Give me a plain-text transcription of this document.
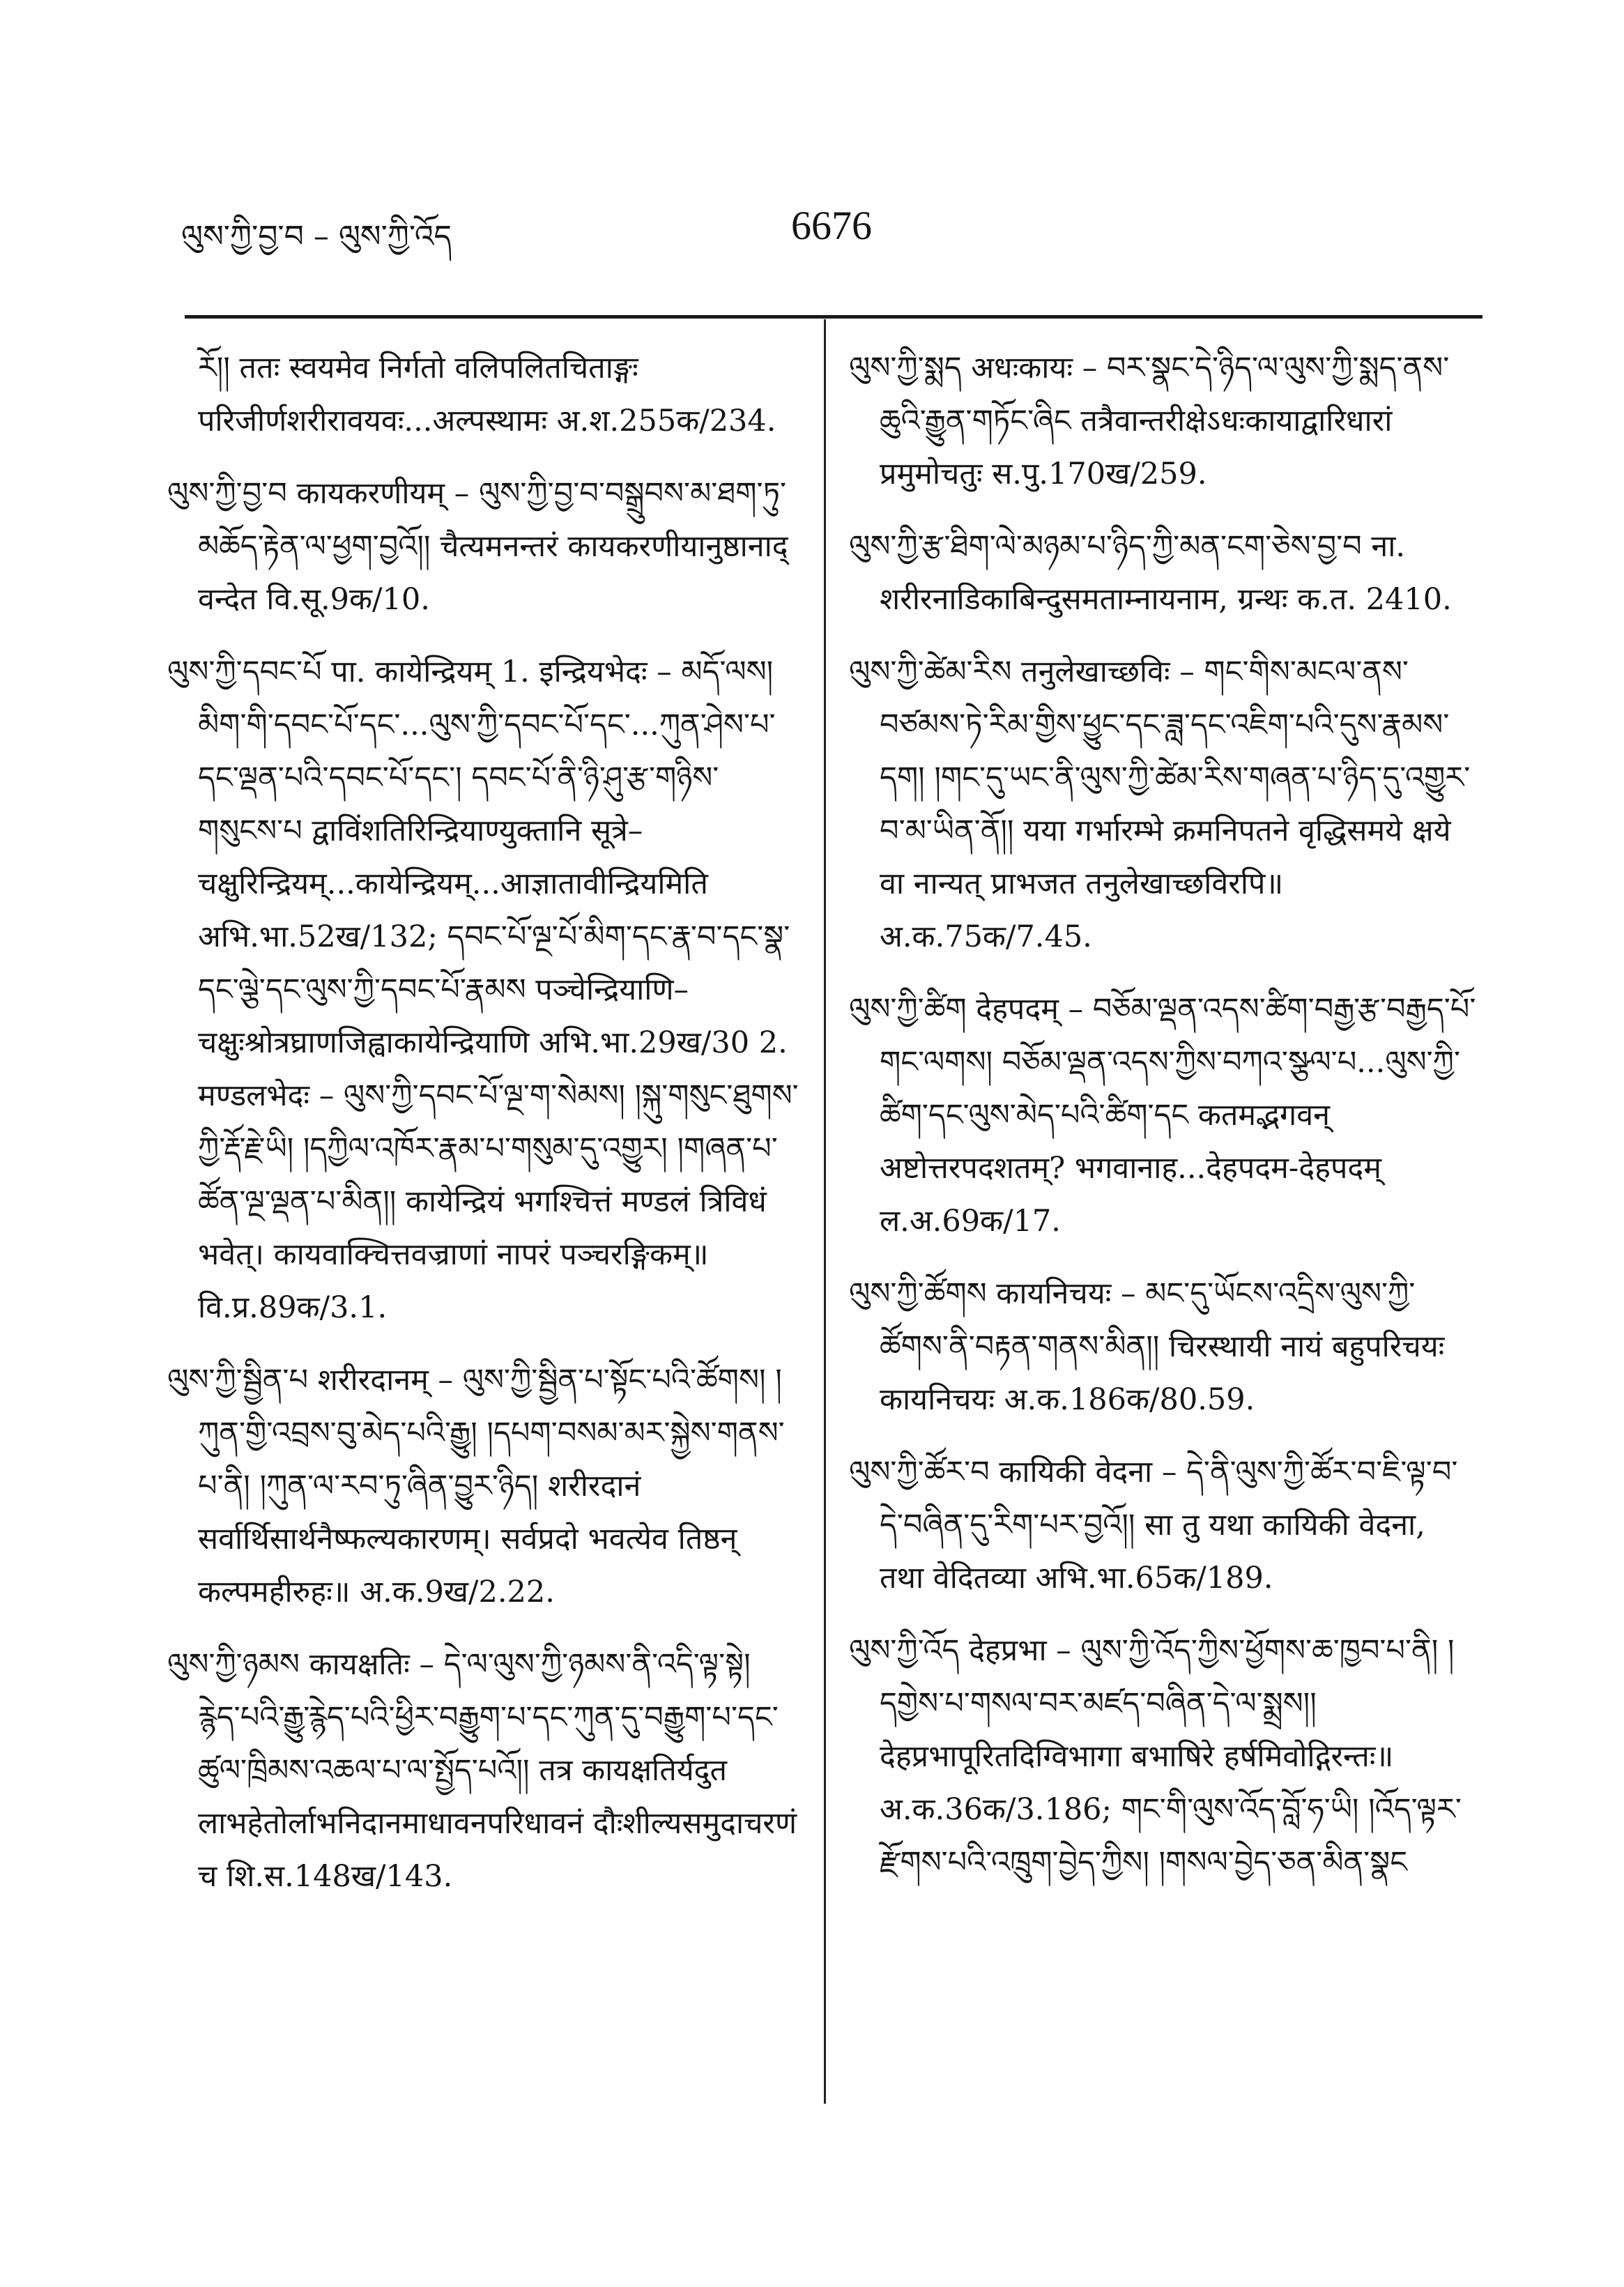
ལུས་ཀྱི་བྱ་བ – ལུས་ཀྱི་འོད	6676

རོ།། ततः स्वयमेव निर्गतो वलिपलितचिताङ्गः परिजीर्णशरीरावयवः...अल्पस्थामः अ.श.255क/234.

ལུས་ཀྱི་བྱ་བ कायकरणीयम् – ལུས་ཀྱི་བྱ་བ་བསྒྲུབས་མ་ཐག་ཏུ་མཆོད་རྟེན་ལ་ཕྱག་བྱའོ།། चैत्यमनन्तरं कायकरणीयानुष्ठानाद् वन्देत वि.सू.9क/10.

ལུས་ཀྱི་དབང་པོ पा. कायेन्द्रियम् 1. इन्द्रियभेदः – མདོ་ལས། མིག་གི་དབང་པོ་དང་...ལུས་ཀྱི་དབང་པོ་དང་...ཀུན་ཤེས་པ་དང་ལྡན་པའི་དབང་པོ་དང་། དབང་པོ་ནི་ཉི་ཤུ་རྩ་གཉིས་གསུངས་པ द्वाविंशतिरिन्द्रियाण्युक्तानि सूत्रे–चक्षुरिन्द्रियम्...कायेन्द्रियम्...आज्ञातावीन्द्रियमिति अभि.भा.52ख/132; དབང་པོ་ལྔ་པོ་མིག་དང་རྣ་བ་དང་སྣ་དང་ལྕེ་དང་ལུས་ཀྱི་དབང་པོ་རྣམས पञ्चेन्द्रियाणि–चक्षुःश्रोत्रघ्राणजिह्वाकायेन्द्रियाणि अभि.भा.29ख/30 2. मण्डलभेदः – ལུས་ཀྱི་དབང་པོ་ལྔ་ག་སེམས། །སྐུ་གསུང་ཐུགས་ཀྱི་རྡོ་རྗེ་ཡི། །དཀྱིལ་འཁོར་རྣམ་པ་གསུམ་དུ་འགྱུར། །གཞན་པ་ཚོན་ལྔ་ལྡན་པ་མིན།། कायेन्द्रियं भगश्चित्तं मण्डलं त्रिविधं भवेत्। कायवाक्चित्तवज्राणां नापरं पञ्चरङ्गिकम्॥ वि.प्र.89क/3.1.

ལུས་ཀྱི་སྦྱིན་པ शरीरदानम् – ལུས་ཀྱི་སྦྱིན་པ་སྟོང་པའི་ཚོགས། །ཀུན་གྱི་འབྲས་བུ་མེད་པའི་རྒྱུ། །དཔག་བསམ་མར་སྐྱེས་གནས་པ་ནི། །ཀུན་ལ་རབ་ཏུ་ཞིན་བྱུར་ཉིད། शरीरदानं सर्वार्थिसार्थनैष्फल्यकारणम्। सर्वप्रदो भवत्येव तिष्ठन् कल्पमहीरुहः॥ अ.क.9ख/2.22.

ལུས་ཀྱི་ཉམས कायक्षतिः – དེ་ལ་ལུས་ཀྱི་ཉམས་ནི་འདི་ལྟ་སྟེ། རྙེད་པའི་རྒྱུ་རྙེད་པའི་ཕྱིར་བརྒྱུག་པ་དང་ཀུན་དུ་བརྒྱུག་པ་དང་ཚུལ་ཁྲིམས་འཆལ་པ་ལ་སྤྱོད་པའོ།། तत्र कायक्षतिर्यदुत लाभहेतोर्लाभनिदानमाधावनपरिधावनं दौःशील्यसमुदाचरणं च शि.स.148ख/143.

ལུས་ཀྱི་སྨད अधःकायः – བར་སྣང་དེ་ཉིད་ལ་ལུས་ཀྱི་སྨད་ནས་ཆུའི་རྒྱུན་གཏོང་ཞིང तत्रैवान्तरीक्षेऽधःकायाद्वारिधारां प्रमुमोचतुः स.पु.170ख/259.

ལུས་ཀྱི་རྩ་ཐིག་ལེ་མཉམ་པ་ཉིད་ཀྱི་མན་ངག་ཅེས་བྱ་བ ना. शरीरनाडिकाबिन्दुसमताम्नायनाम, ग्रन्थः क.त. 2410.

ལུས་ཀྱི་ཚེམ་རིས तनुलेखाच्छविः – གང་གིས་མངལ་ནས་བཙམས་ཏེ་རིམ་གྱིས་ཕྱུང་དང་ཟླ་དང་འཇིག་པའི་དུས་རྣམས་དག། །གང་དུ་ཡང་ནི་ལུས་ཀྱི་ཚེམ་རིས་གཞན་པ་ཉིད་དུ་འགྱུར་བ་མ་ཡིན་ནོ།། यया गर्भारम्भे क्रमनिपतने वृद्धिसमये क्षये वा नान्यत् प्राभजत तनुलेखाच्छविरपि॥ अ.क.75क/7.45.

ལུས་ཀྱི་ཚིག देहपदम् – བཅོམ་ལྡན་འདས་ཚིག་བརྒྱ་རྩ་བརྒྱད་པོ་གང་ལགས། བཅོམ་ལྡན་འདས་ཀྱིས་བཀའ་སྩལ་པ...ལུས་ཀྱི་ཚིག་དང་ལུས་མེད་པའི་ཚིག་དང कतमद्भगवन् अष्टोत्तरपदशतम्? भगवानाह...देहपदम-देहपदम् ल.अ.69क/17.

ལུས་ཀྱི་ཚོགས कायनिचयः – མང་དུ་ཡོངས་འདྲིས་ལུས་ཀྱི་ཚོགས་ནི་བརྟན་གནས་མིན།། चिरस्थायी नायं बहुपरिचयः कायनिचयः अ.क.186क/80.59.

ལུས་ཀྱི་ཚོར་བ कायिकी वेदना – དེ་ནི་ལུས་ཀྱི་ཚོར་བ་ཇི་ལྟ་བ་དེ་བཞིན་དུ་རིག་པར་བྱའོ།། सा तु यथा कायिकी वेदना, तथा वेदितव्या अभि.भा.65क/189.

ལུས་ཀྱི་འོད देहप्रभा – ལུས་ཀྱི་འོད་ཀྱིས་ཕྱོགས་ཆ་ཁྱབ་པ་ནི། །དགྱེས་པ་གསལ་བར་མཛད་བཞིན་དེ་ལ་སྨྲས།། देहप्रभापूरितदिग्विभागा बभाषिरे हर्षमिवोद्गिरन्तः॥ अ.क.36क/3.186; གང་གི་ལུས་འོད་བློ་ཧ་ཡི། །འོད་ལྟར་རྫོགས་པའི་འཁྲུག་བྱེད་ཀྱིས། །གསལ་བྱེད་ཅན་མིན་སྣང
